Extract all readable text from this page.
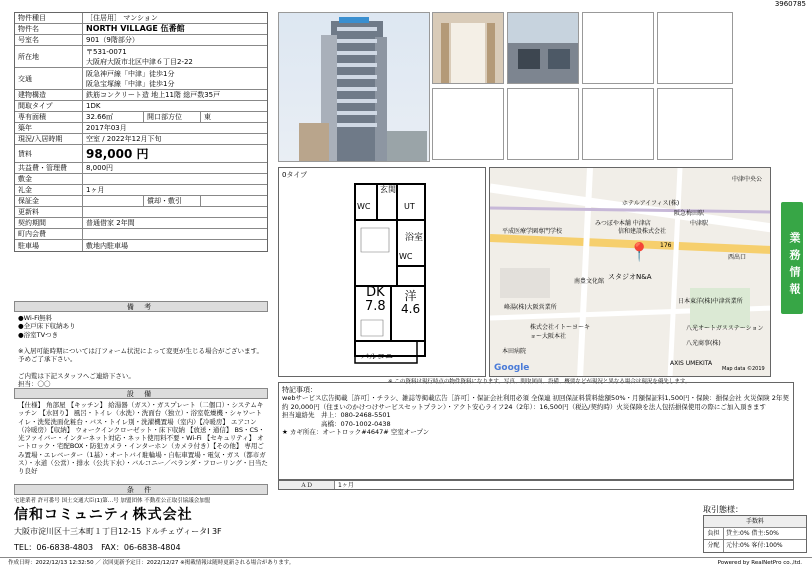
3960785
物件種目	［住居用］ マンション
物件名	NORTH VILLAGE 伍番館
号室名	901（9階部分）
所在地
〒531-0071
大阪府大阪市北区中津６丁目2-22
交通
阪急神戸線「中津」徒歩1分
阪急宝塚線「中津」徒歩1分
建物構造	鉄筋コンクリート造 地上11階 総戸数35戸
間取タイプ	1DK
専有面積	32.66㎡	開口部方位	東
築年	2017年03月
現況/入居時期	空室 / 2022年12月下旬
賃料	98,000 円
共益費・管理費	8,000円
敷金
礼金	1ヶ月
保証金	償却・敷引
更新料
契約期間	普通借家 2年間
町内会費
駐車場	敷地内駐車場
備 考
●Wi-Fi無料
●全戸床下収納あり
●浴室TVつき

※入居可能時期については汀フォーム状況によって変更が生じる場合がございます。予めご了承下さい。

ご内覧は下記スタッフへご連絡下さい。
担当：〇〇

設 備
【仕様】 角部屋 【キッチン】 給湯器（ガス）・ガスプレート（二個口）・システムキッチン 【水回り】 風呂・トイレ（水洗）・洗面台（独立）・浴室乾燥機・シャワートイレ・洗髪洗面化粧台・バス・トイレ別・洗濯機置場（室内）【冷暖房】 エアコン（冷暖房）【収納】 ウォークインクローゼット・床下収納 【放送・通信】 BS・CS・光ファイバー・インターネット対応・ネット使用料不要・Wi-Fi 【セキュリティ】 オートロック・宅配BOX・防犯カメラ・インターホン（カメラ付き）【その他】 専用ごみ置場・エレベーター（1基）・オートバイ駐輪場・自転車置場・電気・ガス（都市ガス）・水道（公営）・排水（公共下水）・バルコニー／ベランダ・フローリング・日当たり良好
条 件
0タイプ
玄関
WC	UT
浴室
WC
DK
7.8
洋
4.6
バルコニー
📍
中津中央公
阪急梅田駅
ホテルアイフィス(株)
みつぼや本舗 中津店	中津駅
平成医療学園専門学校	信和建設株式会社
176
西出口
南豊文化館
スタジオN&A
峰湯(株)大阪営業所
日本東洋(株)中津営業所
株式会社イトーヨーキョー大阪本社
八光オートガスステーション
本田病院
八光商事(株)
AXIS UMEKITA
Google	Map data ©2019
※ この資料は現行時点の物件資料になります。写真、間取図面、設備、概要などが現況と異なる場合は現況を優先します。
特記事項：
webサービス広告掲載［許可］・チラシ、雑誌等掲載広告［許可］・保証会社利用必須 全保連 初回保証料賃料総額50%・月額保証料1,500円・保険：損保会社 火災保険 2年契約 20,000円（住まいのかけつけサービスセットプラン）・アクト安心ライフ24（2年）：16,500円（税込/契約時）火災保険を法人包括損保使用の際にご加入頂きます
担当連絡先　井上：080-2468-5501
　　　　　　高橋：070-1002-0438
★ カギ所在：オートロック#4647# 空室オープン
ＡＤ	1ヶ月
業務情報
宅建業者 許可番号 国土交通大臣(1)第…号 加盟団体 不動産公正取引協議会加盟
信和コミュニティ株式会社
大阪市淀川区十三本町１丁目12-15 ドルチェヴィータⅠ 3F
TEL：06-6838-4803　FAX：06-6838-4804
取引態様：
手数料
負担	貸主:0% 借主:50%
分配	元付:0% 客付:100%
作成日時：2022/12/13 12:32:50 ／ 次回更新予定日：2022/12/27 ※掲載情報は随時更新される場合があります。	Powered by RealNetPro co.,ltd.
